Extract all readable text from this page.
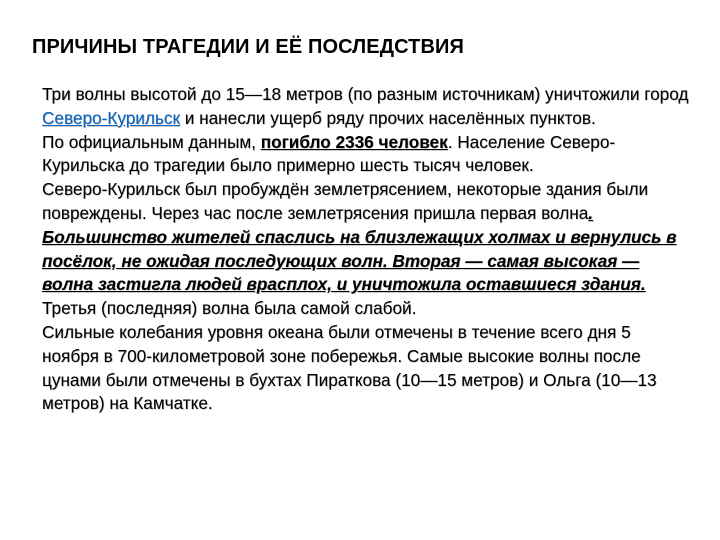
ПРИЧИНЫ ТРАГЕДИИ И ЕЁ ПОСЛЕДСТВИЯ

Три волны высотой до 15—18 метров (по разным источникам) уничтожили город Северо-Курильск и нанесли ущерб ряду прочих населённых пунктов.

По официальным данным, погибло 2336 человек. Население Северо-Курильска до трагедии было примерно шесть тысяч человек.

Северо-Курильск был пробуждён землетрясением, некоторые здания были повреждены. Через час после землетрясения пришла первая волна. Большинство жителей спаслись на близлежащих холмах и вернулись в посёлок, не ожидая последующих волн. Вторая — самая высокая — волна застигла людей врасплох, и уничтожила оставшиеся здания.

Третья (последняя) волна была самой слабой.

Сильные колебания уровня океана были отмечены в течение всего дня 5 ноября в 700-километровой зоне побережья. Самые высокие волны после цунами были отмечены в бухтах Пираткова (10—15 метров) и Ольга (10—13 метров) на Камчатке.
